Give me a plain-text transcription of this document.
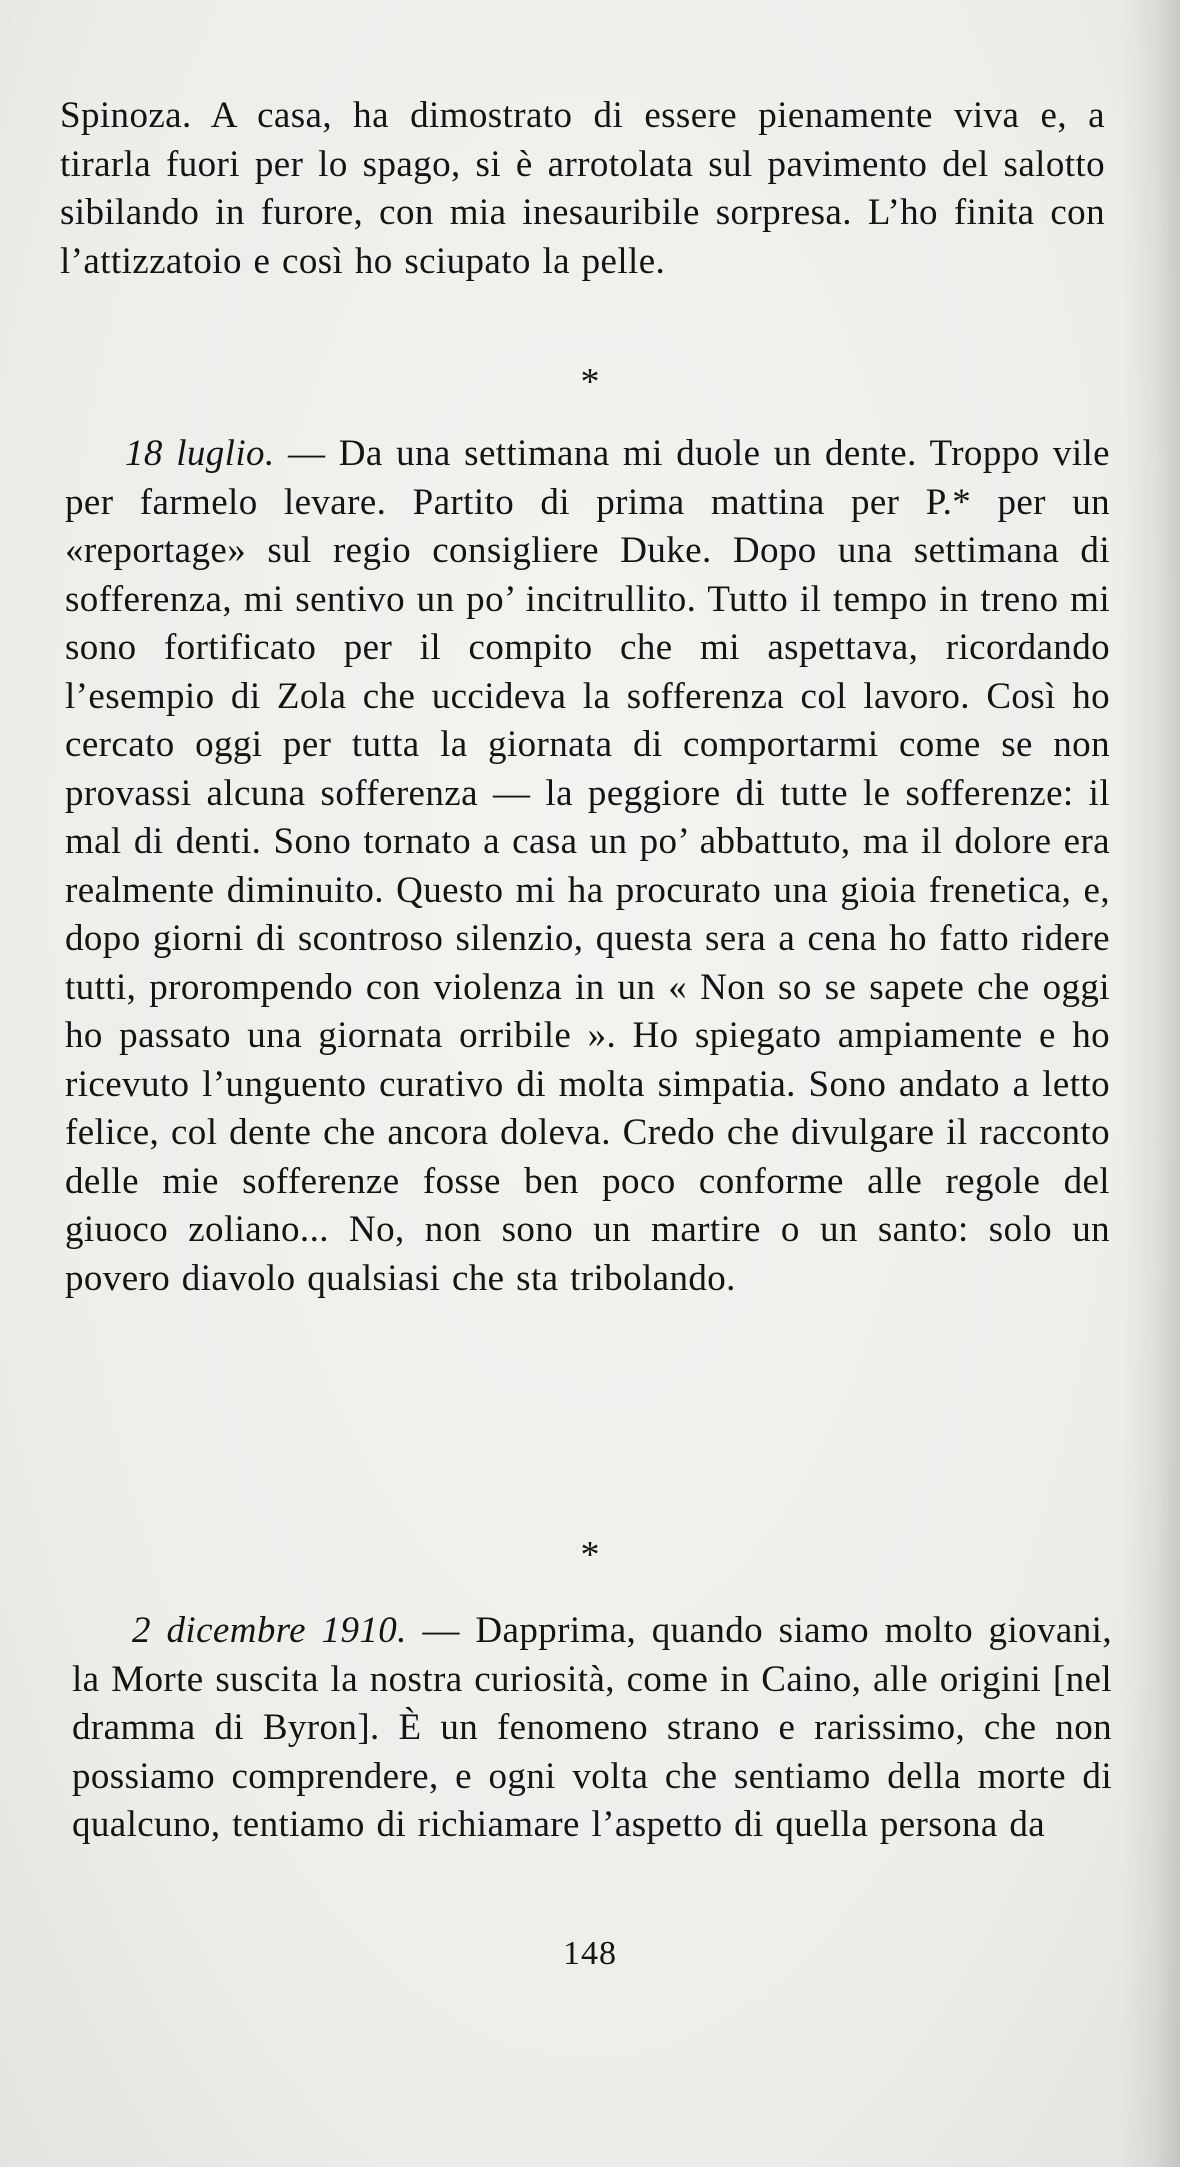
Spinoza. A casa, ha dimostrato di essere pienamente viva e, a tirarla fuori per lo spago, si è arrotolata sul pavimento del salotto sibilando in furore, con mia inesauribile sorpresa. L’ho finita con l’attizzatoio e così ho sciupato la pelle.

*

18 luglio. — Da una settimana mi duole un dente. Troppo vile per farmelo levare. Partito di prima mattina per P.* per un «reportage» sul regio consigliere Duke. Dopo una settimana di sofferenza, mi sentivo un po’ incitrullito. Tutto il tempo in treno mi sono fortificato per il compito che mi aspettava, ricordando l’esempio di Zola che uccideva la sofferenza col lavoro. Così ho cercato oggi per tutta la giornata di comportarmi come se non provassi alcuna sofferenza — la peggiore di tutte le sofferenze: il mal di denti. Sono tornato a casa un po’ abbattuto, ma il dolore era realmente diminuito. Questo mi ha procurato una gioia frenetica, e, dopo giorni di scontroso silenzio, questa sera a cena ho fatto ridere tutti, prorompendo con violenza in un « Non so se sapete che oggi ho passato una giornata orribile ». Ho spiegato ampiamente e ho ricevuto l’unguento curativo di molta simpatia. Sono andato a letto felice, col dente che ancora doleva. Credo che divulgare il racconto delle mie sofferenze fosse ben poco conforme alle regole del giuoco zoliano... No, non sono un martire o un santo: solo un povero diavolo qualsiasi che sta tribolando.

*

2 dicembre 1910. — Dapprima, quando siamo molto giovani, la Morte suscita la nostra curiosità, come in Caino, alle origini [nel dramma di Byron]. È un fenomeno strano e rarissimo, che non possiamo comprendere, e ogni volta che sentiamo della morte di qualcuno, tentiamo di richiamare l’aspetto di quella persona da

148
